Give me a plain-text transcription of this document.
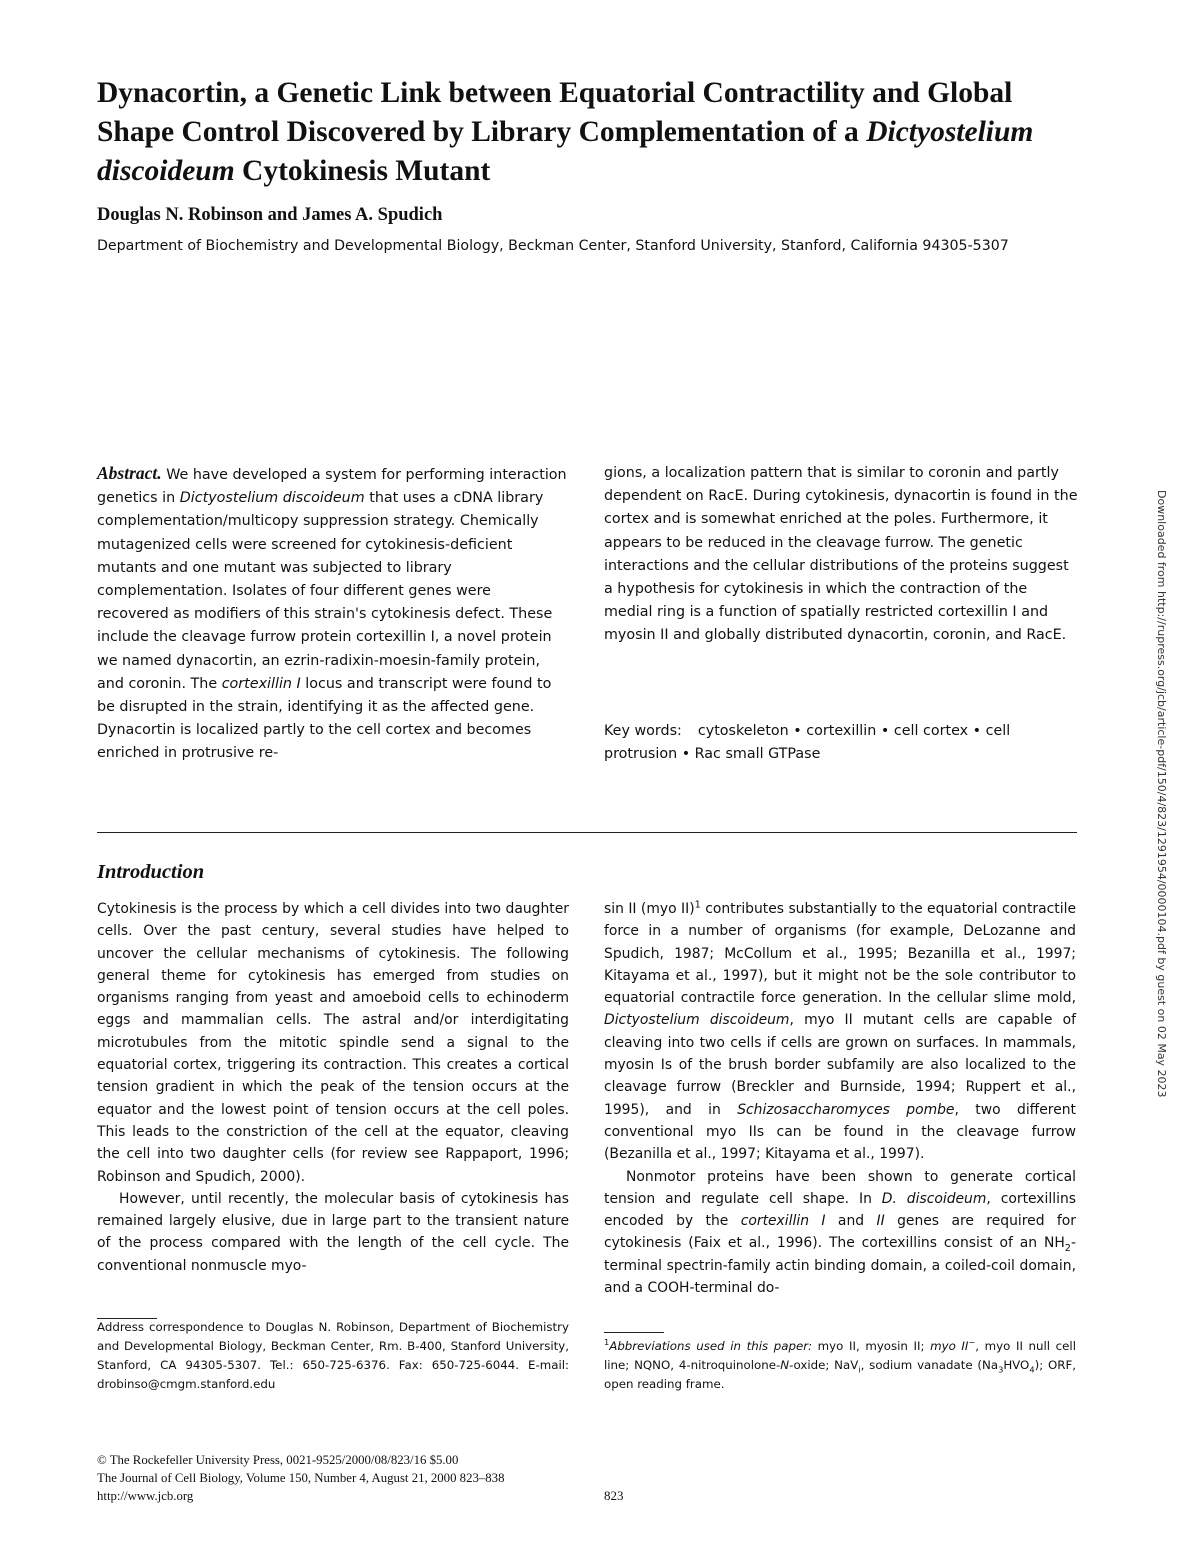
Dynacortin, a Genetic Link between Equatorial Contractility and Global Shape Control Discovered by Library Complementation of a Dictyostelium discoideum Cytokinesis Mutant

Douglas N. Robinson and James A. Spudich

Department of Biochemistry and Developmental Biology, Beckman Center, Stanford University, Stanford, California 94305-5307

Abstract. We have developed a system for performing interaction genetics in Dictyostelium discoideum that uses a cDNA library complementation/multicopy suppression strategy. Chemically mutagenized cells were screened for cytokinesis-deficient mutants and one mutant was subjected to library complementation. Isolates of four different genes were recovered as modifiers of this strain's cytokinesis defect. These include the cleavage furrow protein cortexillin I, a novel protein we named dynacortin, an ezrin-radixin-moesin-family protein, and coronin. The cortexillin I locus and transcript were found to be disrupted in the strain, identifying it as the affected gene. Dynacortin is localized partly to the cell cortex and becomes enriched in protrusive re-

gions, a localization pattern that is similar to coronin and partly dependent on RacE. During cytokinesis, dynacortin is found in the cortex and is somewhat enriched at the poles. Furthermore, it appears to be reduced in the cleavage furrow. The genetic interactions and the cellular distributions of the proteins suggest a hypothesis for cytokinesis in which the contraction of the medial ring is a function of spatially restricted cortexillin I and myosin II and globally distributed dynacortin, coronin, and RacE.

Key words: cytoskeleton • cortexillin • cell cortex • cell protrusion • Rac small GTPase

Introduction

Cytokinesis is the process by which a cell divides into two daughter cells. Over the past century, several studies have helped to uncover the cellular mechanisms of cytokinesis. The following general theme for cytokinesis has emerged from studies on organisms ranging from yeast and amoeboid cells to echinoderm eggs and mammalian cells. The astral and/or interdigitating microtubules from the mitotic spindle send a signal to the equatorial cortex, triggering its contraction. This creates a cortical tension gradient in which the peak of the tension occurs at the equator and the lowest point of tension occurs at the cell poles. This leads to the constriction of the cell at the equator, cleaving the cell into two daughter cells (for review see Rappaport, 1996; Robinson and Spudich, 2000).

However, until recently, the molecular basis of cytokinesis has remained largely elusive, due in large part to the transient nature of the process compared with the length of the cell cycle. The conventional nonmuscle myo-

sin II (myo II)$^1$ contributes substantially to the equatorial contractile force in a number of organisms (for example, DeLozanne and Spudich, 1987; McCollum et al., 1995; Bezanilla et al., 1997; Kitayama et al., 1997), but it might not be the sole contributor to equatorial contractile force generation. In the cellular slime mold, Dictyostelium discoideum, myo II mutant cells are capable of cleaving into two cells if cells are grown on surfaces. In mammals, myosin Is of the brush border subfamily are also localized to the cleavage furrow (Breckler and Burnside, 1994; Ruppert et al., 1995), and in Schizosaccharomyces pombe, two different conventional myo IIs can be found in the cleavage furrow (Bezanilla et al., 1997; Kitayama et al., 1997).

Nonmotor proteins have been shown to generate cortical tension and regulate cell shape. In D. discoideum, cortexillins encoded by the cortexillin I and II genes are required for cytokinesis (Faix et al., 1996). The cortexillins consist of an $NH_2$-terminal spectrin-family actin binding domain, a coiled-coil domain, and a COOH-terminal do-

Address correspondence to Douglas N. Robinson, Department of Biochemistry and Developmental Biology, Beckman Center, Rm. B-400, Stanford University, Stanford, CA 94305-5307. Tel.: 650-725-6376. Fax: 650-725-6044. E-mail: drobinso@cmgm.stanford.edu

$^1$Abbreviations used in this paper: myo II, myosin II; myo II−, myo II null cell line; NQNO, 4-nitroquinolone-N-oxide; NaV$_i$, sodium vanadate $(Na_3HVO_4)$; ORF, open reading frame.

© The Rockefeller University Press, 0021-9525/2000/08/823/16 $5.00
The Journal of Cell Biology, Volume 150, Number 4, August 21, 2000 823–838
http://www.jcb.org	823

Downloaded from http://rupress.org/jcb/article-pdf/150/4/823/1291954/0000104.pdf by guest on 02 May 2023
